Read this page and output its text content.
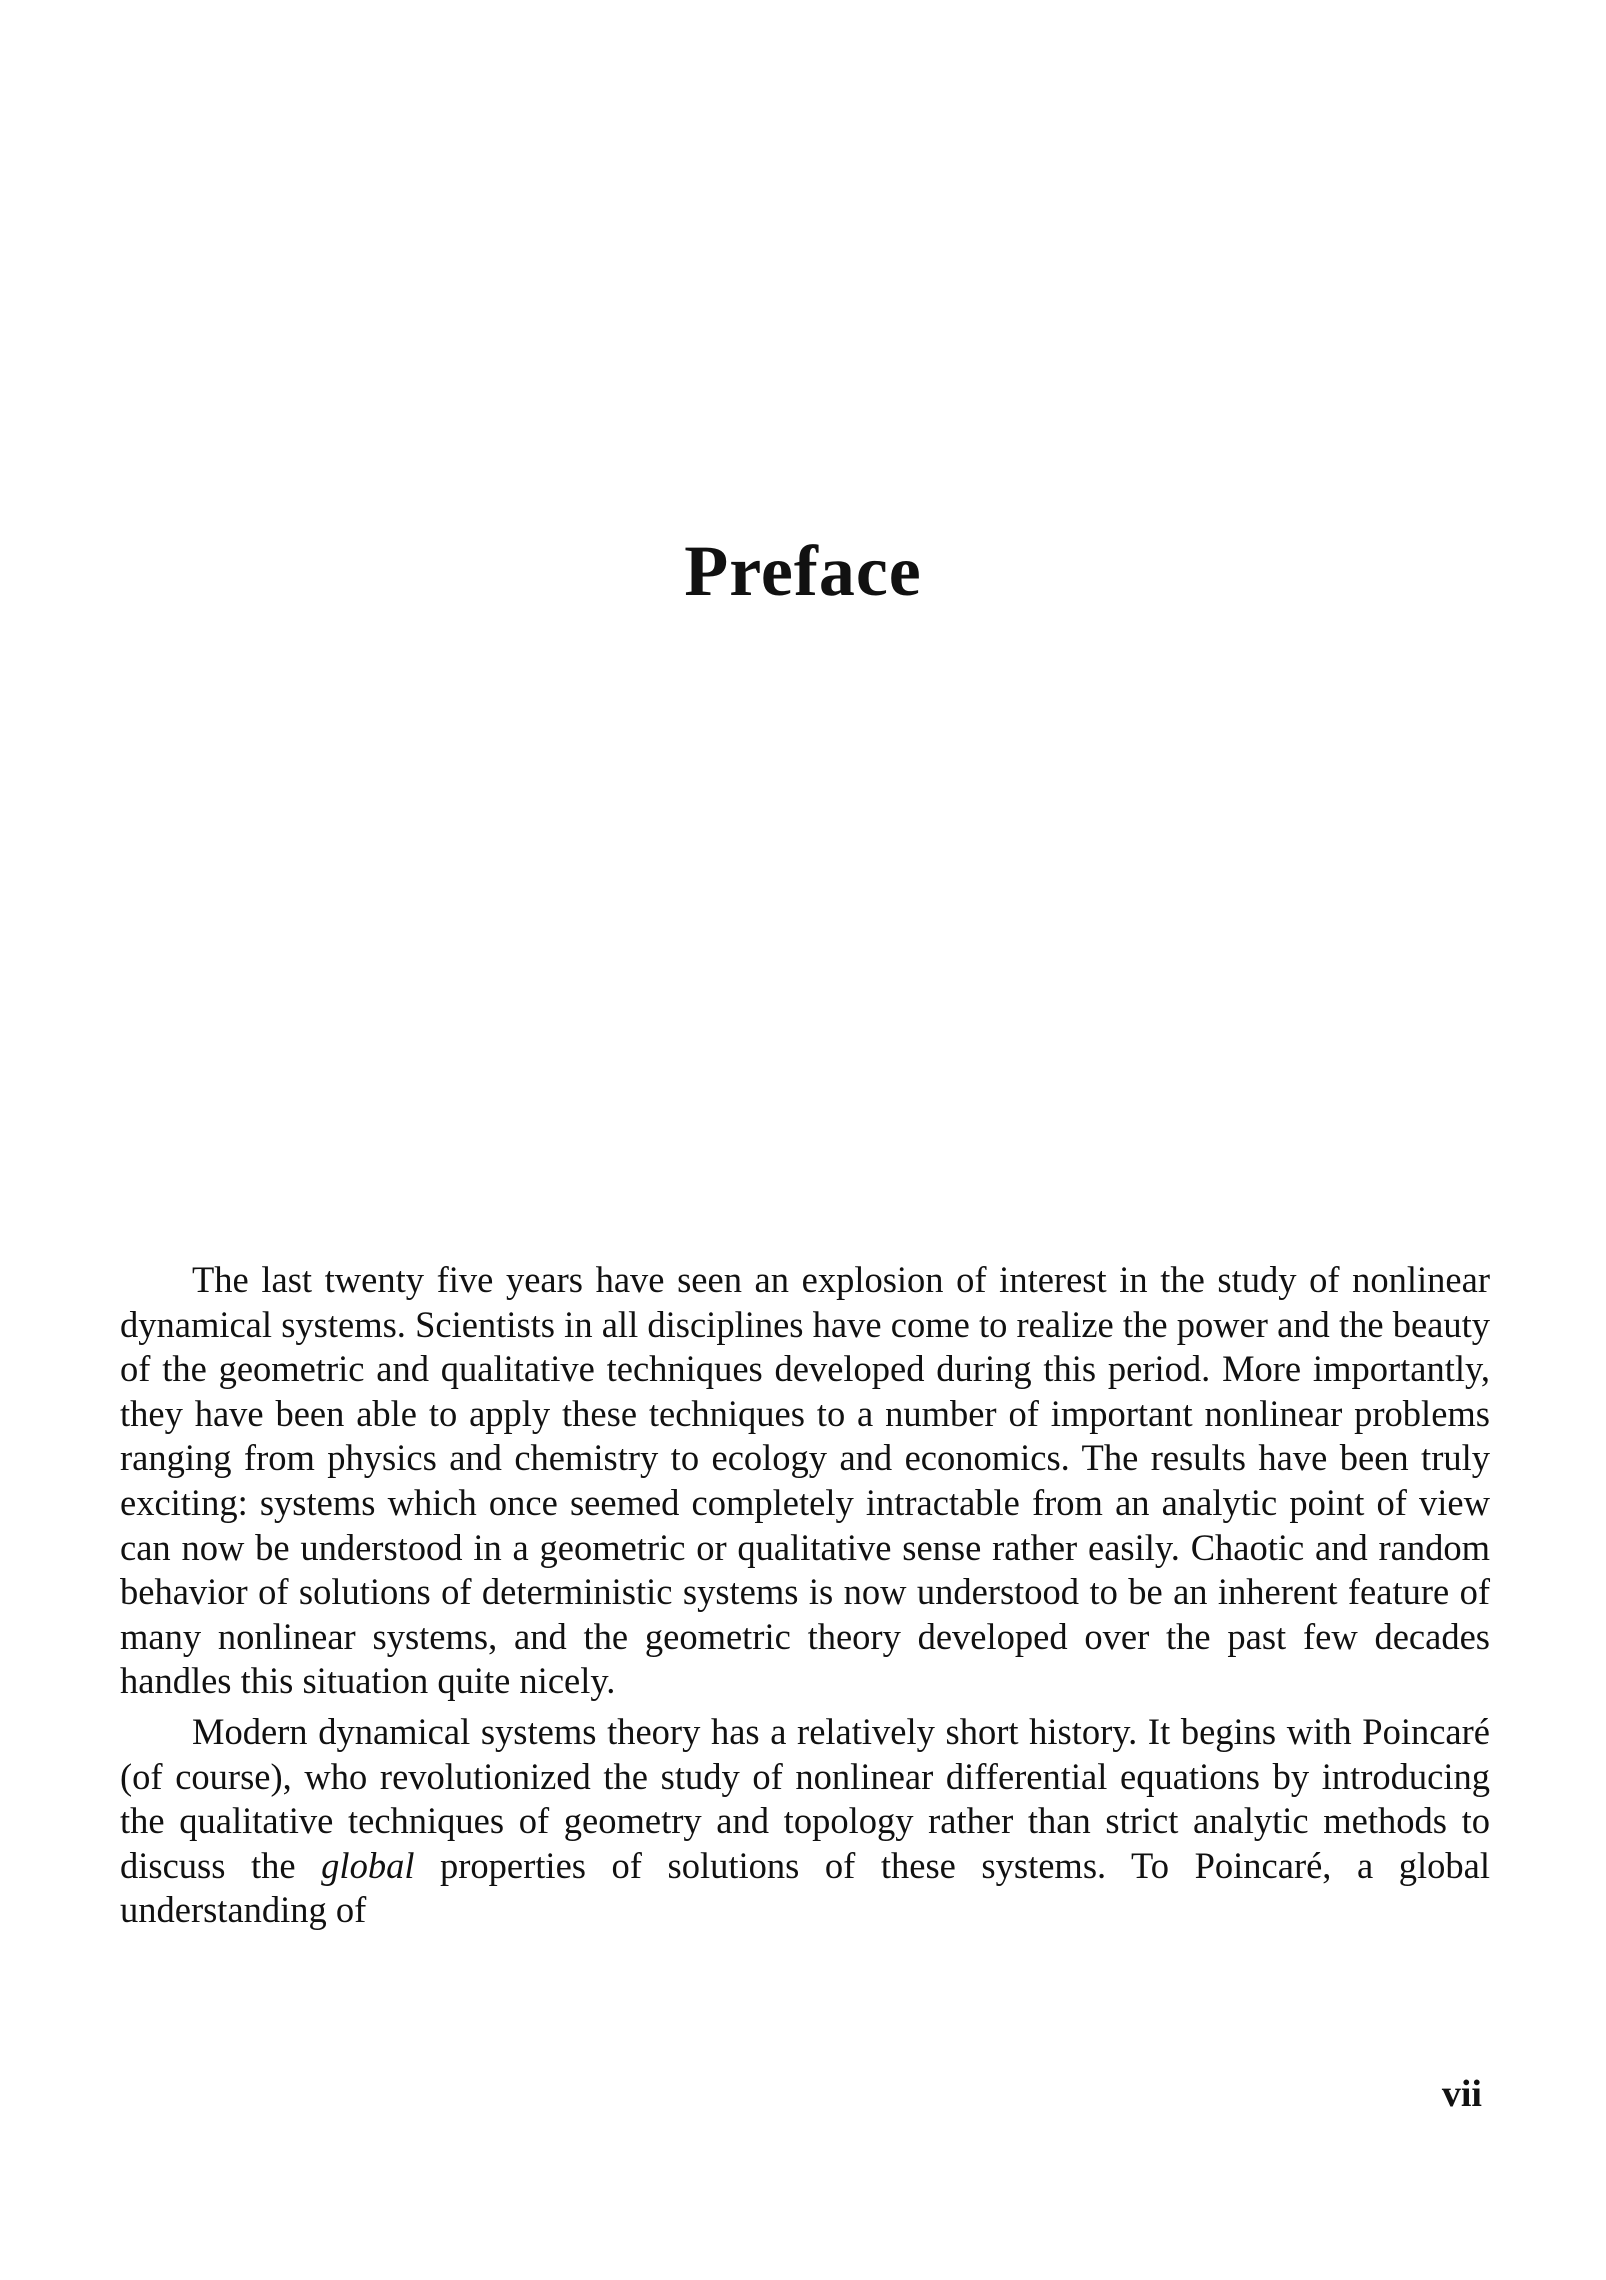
Preface

The last twenty five years have seen an explosion of interest in the study of nonlinear dynamical systems. Scientists in all disciplines have come to realize the power and the beauty of the geometric and qualitative techniques developed during this period. More importantly, they have been able to apply these techniques to a number of important nonlinear problems ranging from physics and chemistry to ecology and economics. The results have been truly exciting: systems which once seemed completely intractable from an analytic point of view can now be understood in a geometric or qualitative sense rather easily. Chaotic and random behavior of solutions of deterministic systems is now understood to be an inherent feature of many nonlinear systems, and the geometric theory developed over the past few decades handles this situation quite nicely.

Modern dynamical systems theory has a relatively short history. It begins with Poincaré (of course), who revolutionized the study of nonlinear differential equations by introducing the qualitative techniques of geometry and topology rather than strict analytic methods to discuss the global properties of solutions of these systems. To Poincaré, a global understanding of

vii
